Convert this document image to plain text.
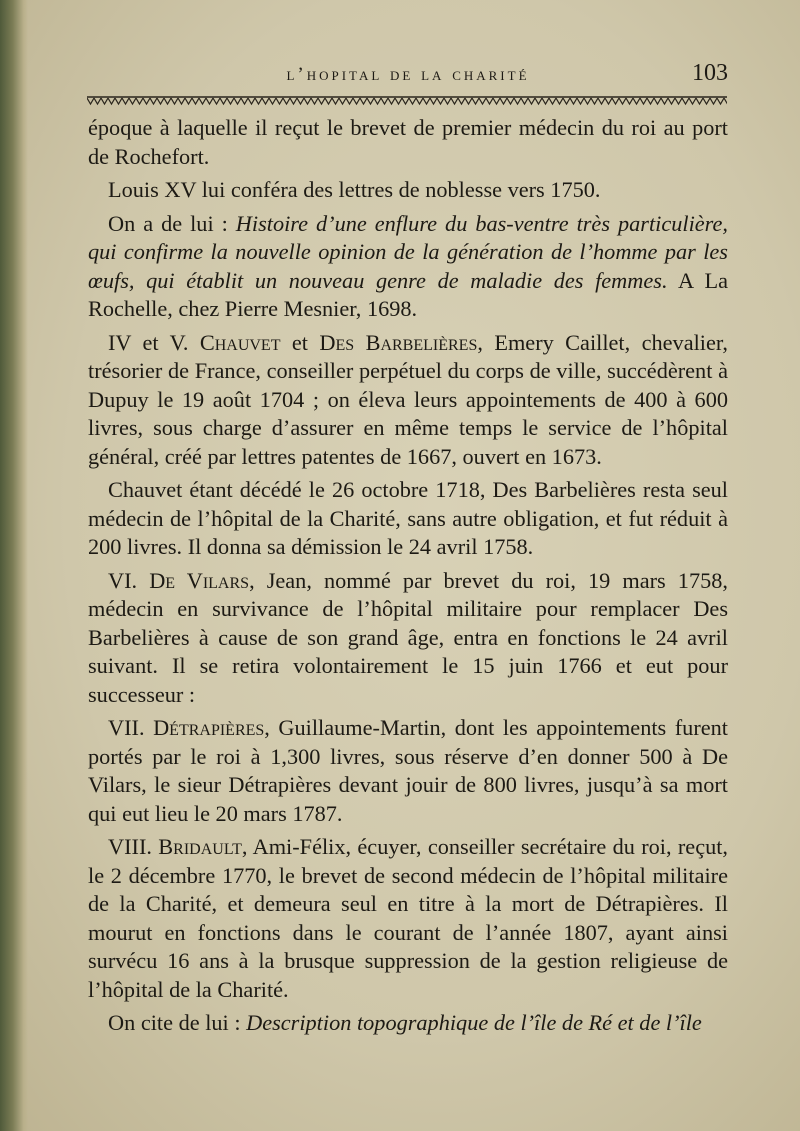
l’hopital de la charité	103

époque à laquelle il reçut le brevet de premier médecin du roi au port de Rochefort.

Louis XV lui conféra des lettres de noblesse vers 1750.

On a de lui : Histoire d’une enflure du bas-ventre très particulière, qui confirme la nouvelle opinion de la génération de l’homme par les œufs, qui établit un nouveau genre de maladie des femmes. A La Rochelle, chez Pierre Mesnier, 1698.

IV et V. Chauvet et Des Barbelières, Emery Caillet, chevalier, trésorier de France, conseiller perpétuel du corps de ville, succédèrent à Dupuy le 19 août 1704 ; on éleva leurs appointements de 400 à 600 livres, sous charge d’assurer en même temps le service de l’hôpital général, créé par lettres patentes de 1667, ouvert en 1673.

Chauvet étant décédé le 26 octobre 1718, Des Barbelières resta seul médecin de l’hôpital de la Charité, sans autre obligation, et fut réduit à 200 livres. Il donna sa démission le 24 avril 1758.

VI. De Vilars, Jean, nommé par brevet du roi, 19 mars 1758, médecin en survivance de l’hôpital militaire pour remplacer Des Barbelières à cause de son grand âge, entra en fonctions le 24 avril suivant. Il se retira volontairement le 15 juin 1766 et eut pour successeur :

VII. Détrapières, Guillaume-Martin, dont les appointements furent portés par le roi à 1,300 livres, sous réserve d’en donner 500 à De Vilars, le sieur Détrapières devant jouir de 800 livres, jusqu’à sa mort qui eut lieu le 20 mars 1787.

VIII. Bridault, Ami-Félix, écuyer, conseiller secrétaire du roi, reçut, le 2 décembre 1770, le brevet de second médecin de l’hôpital militaire de la Charité, et demeura seul en titre à la mort de Détrapières. Il mourut en fonctions dans le courant de l’année 1807, ayant ainsi survécu 16 ans à la brusque suppression de la gestion religieuse de l’hôpital de la Charité.

On cite de lui : Description topographique de l’île de Ré et de l’île
